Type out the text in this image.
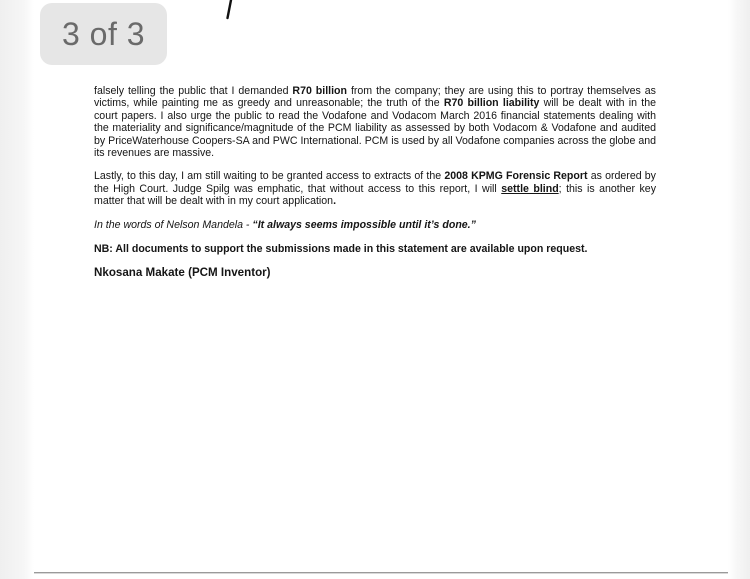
3 of 3

falsely telling the public that I demanded R70 billion from the company; they are using this to portray themselves as victims, while painting me as greedy and unreasonable; the truth of the R70 billion liability will be dealt with in the court papers. I also urge the public to read the Vodafone and Vodacom March 2016 financial statements dealing with the materiality and significance/magnitude of the PCM liability as assessed by both Vodacom & Vodafone and audited by PriceWaterhouse Coopers-SA and PWC International. PCM is used by all Vodafone companies across the globe and its revenues are massive.

Lastly, to this day, I am still waiting to be granted access to extracts of the 2008 KPMG Forensic Report as ordered by the High Court. Judge Spilg was emphatic, that without access to this report, I will settle blind; this is another key matter that will be dealt with in my court application.

In the words of Nelson Mandela - “It always seems impossible until it’s done.”

NB: All documents to support the submissions made in this statement are available upon request.

Nkosana Makate (PCM Inventor)
